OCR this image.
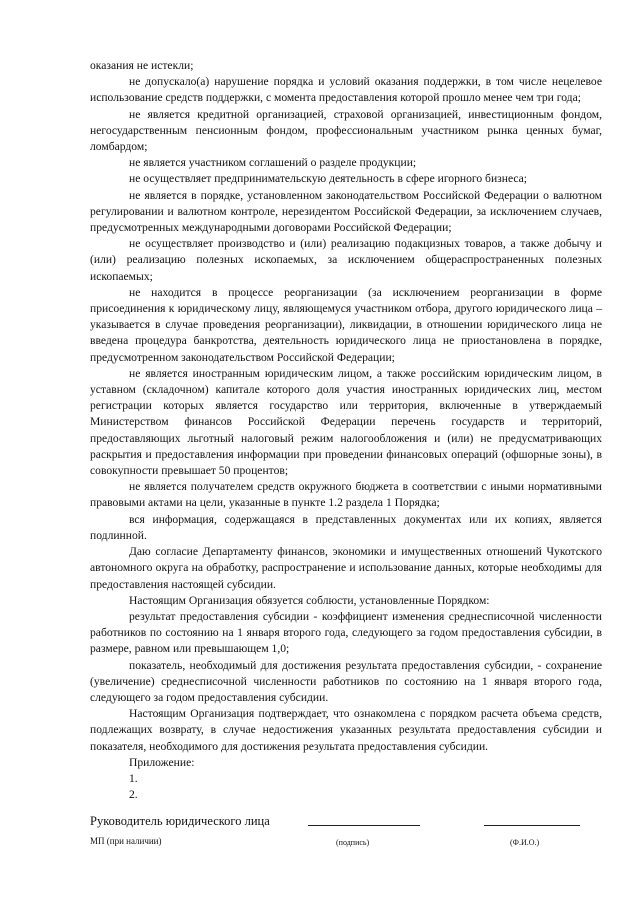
оказания не истекли;

не допускало(а) нарушение порядка и условий оказания поддержки, в том числе нецелевое использование средств поддержки, с момента предоставления которой прошло менее чем три года;

не является кредитной организацией, страховой организацией, инвестиционным фондом, негосударственным пенсионным фондом, профессиональным участником рынка ценных бумаг, ломбардом;

не является участником соглашений о разделе продукции;

не осуществляет предпринимательскую деятельность в сфере игорного бизнеса;

не является в порядке, установленном законодательством Российской Федерации о валютном регулировании и валютном контроле, нерезидентом Российской Федерации, за исключением случаев, предусмотренных международными договорами Российской Федерации;

не осуществляет производство и (или) реализацию подакцизных товаров, а также добычу и (или) реализацию полезных ископаемых, за исключением общераспространенных полезных ископаемых;

не находится в процессе реорганизации (за исключением реорганизации в форме присоединения к юридическому лицу, являющемуся участником отбора, другого юридического лица – указывается в случае проведения реорганизации), ликвидации, в отношении юридического лица не введена процедура банкротства, деятельность юридического лица не приостановлена в порядке, предусмотренном законодательством Российской Федерации;

не является иностранным юридическим лицом, а также российским юридическим лицом, в уставном (складочном) капитале которого доля участия иностранных юридических лиц, местом регистрации которых является государство или территория, включенные в утверждаемый Министерством финансов Российской Федерации перечень государств и территорий, предоставляющих льготный налоговый режим налогообложения и (или) не предусматривающих раскрытия и предоставления информации при проведении финансовых операций (офшорные зоны), в совокупности превышает 50 процентов;

не является получателем средств окружного бюджета в соответствии с иными нормативными правовыми актами на цели, указанные в пункте 1.2 раздела 1 Порядка;

вся информация, содержащаяся в представленных документах или их копиях, является подлинной.

Даю согласие Департаменту финансов, экономики и имущественных отношений Чукотского автономного округа на обработку, распространение и использование данных, которые необходимы для предоставления настоящей субсидии.

Настоящим Организация обязуется соблюсти, установленные Порядком:

результат предоставления субсидии - коэффициент изменения среднесписочной численности работников по состоянию на 1 января второго года, следующего за годом предоставления субсидии, в размере, равном или превышающем 1,0;

показатель, необходимый для достижения результата предоставления субсидии, - сохранение (увеличение) среднесписочной численности работников по состоянию на 1 января второго года, следующего за годом предоставления субсидии.

Настоящим Организация подтверждает, что ознакомлена с порядком расчета объема средств, подлежащих возврату, в случае недостижения указанных результата предоставления субсидии и показателя, необходимого для достижения результата предоставления субсидии.

Приложение:

1.

2.

Руководитель юридического лица
МП (при наличии)	(подпись)	(Ф.И.О.)
